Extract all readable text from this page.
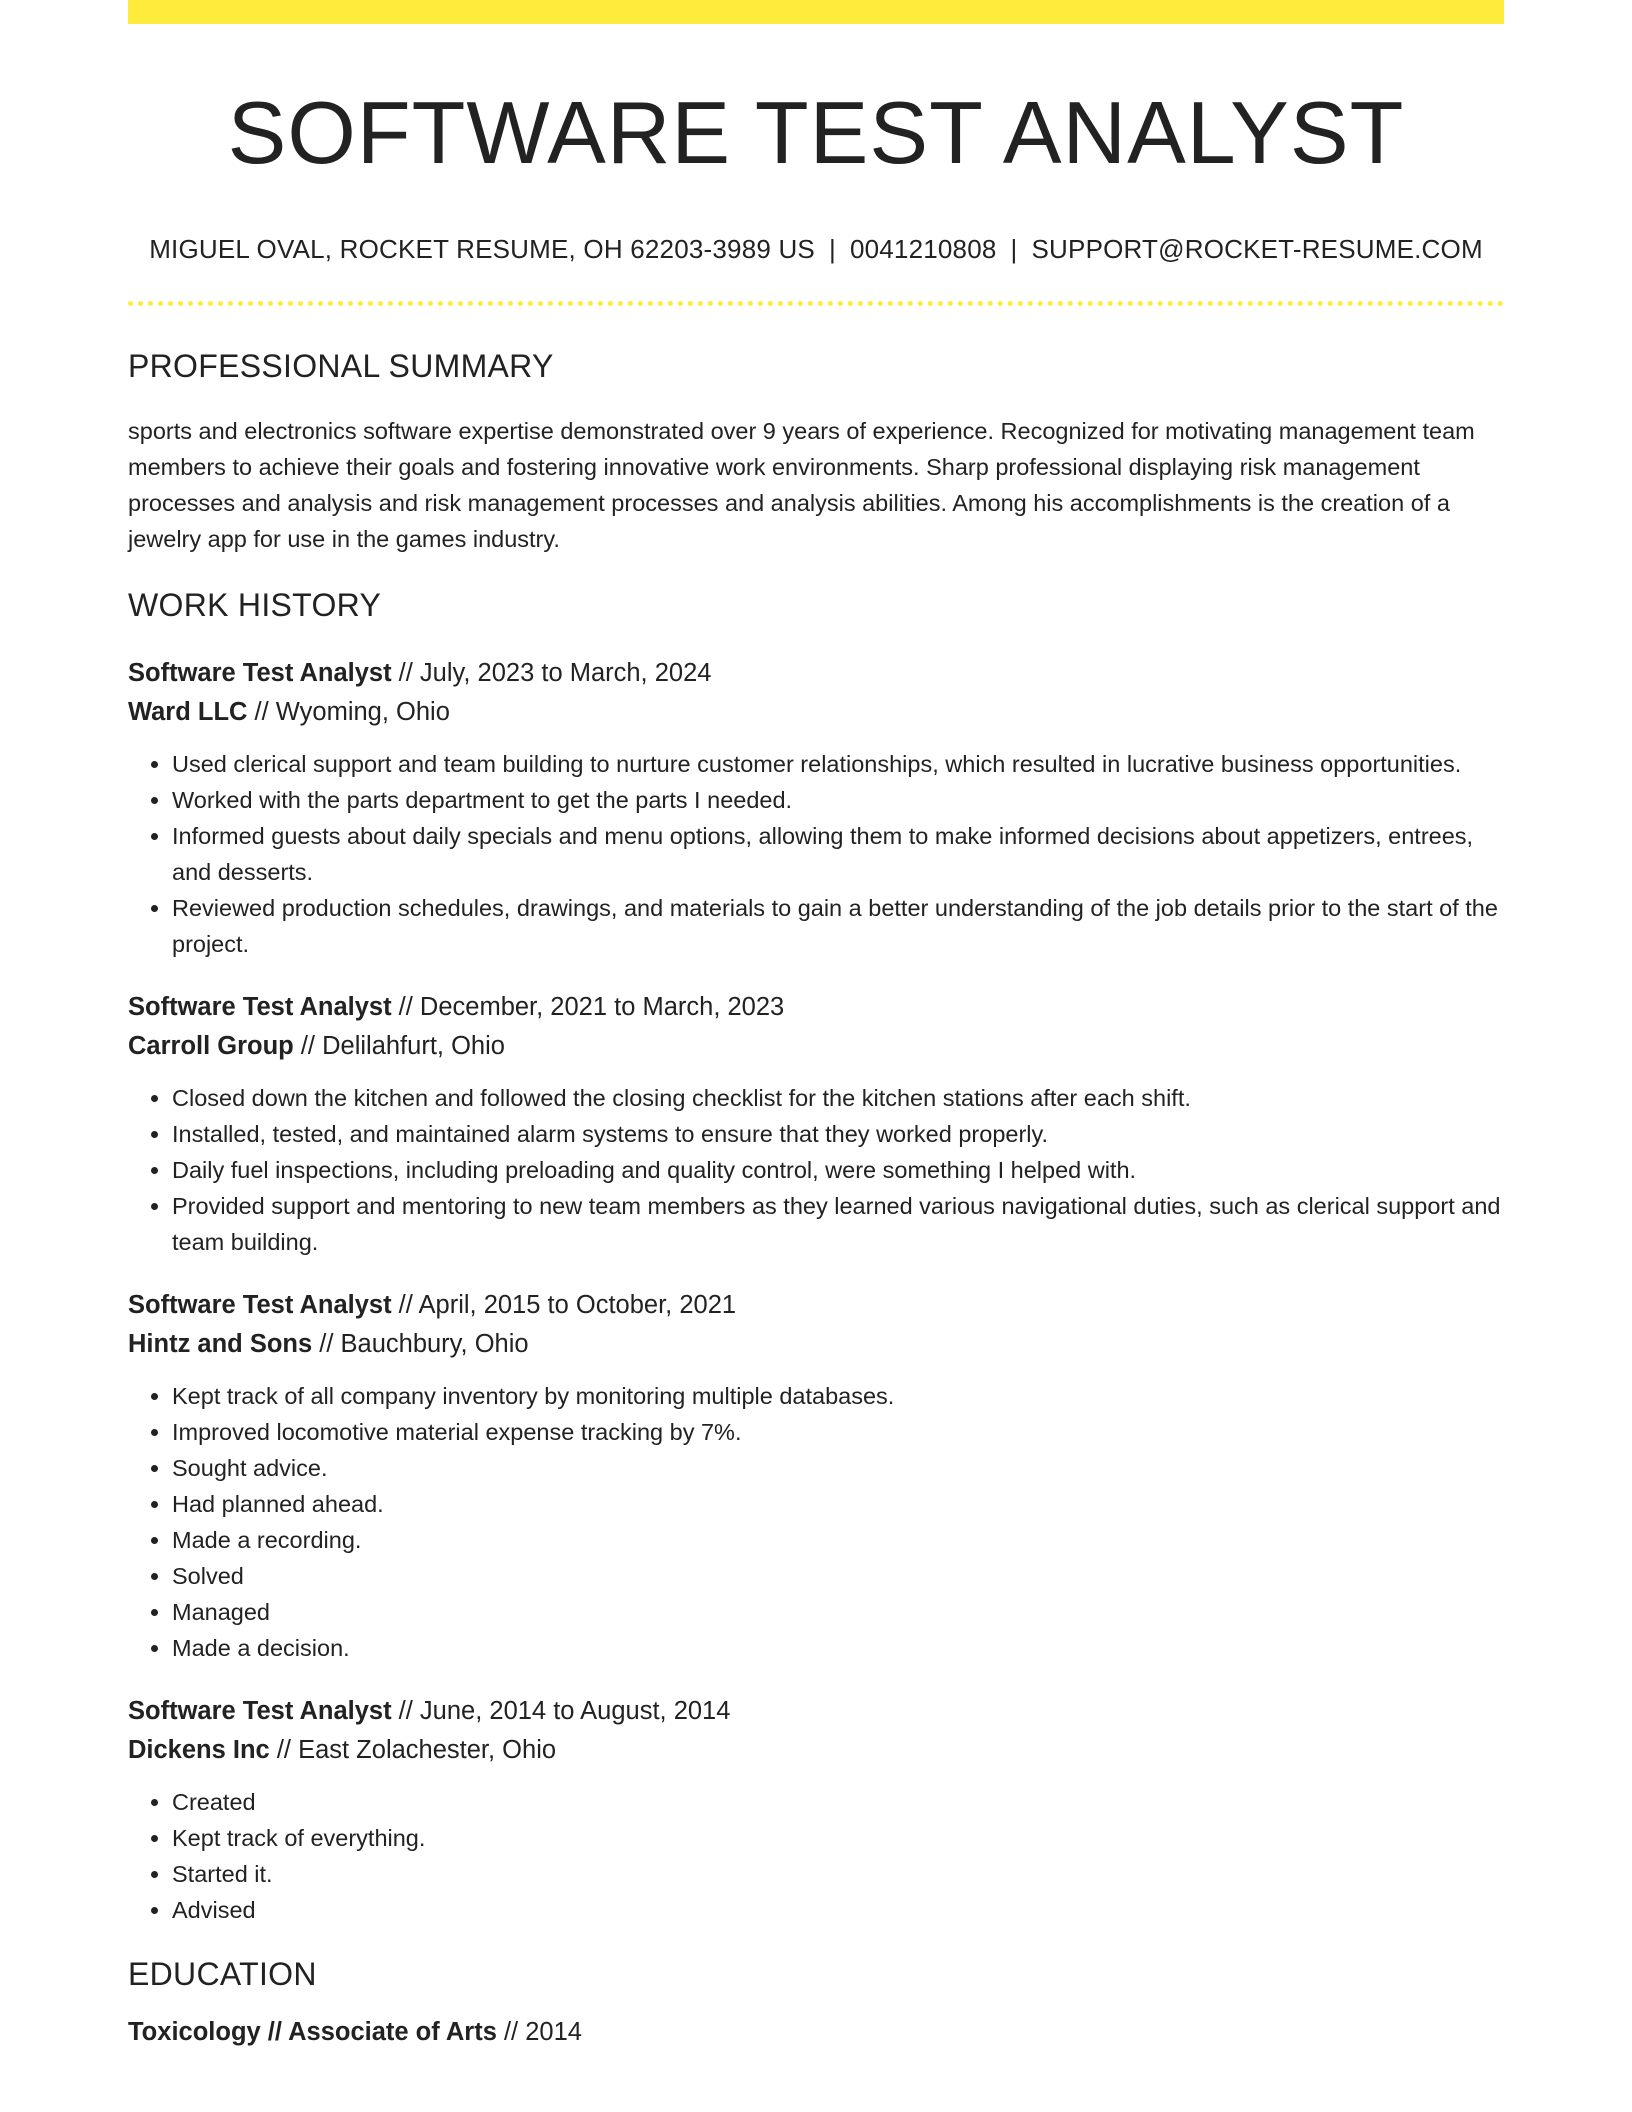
SOFTWARE TEST ANALYST
MIGUEL OVAL, ROCKET RESUME, OH 62203-3989 US | 0041210808 | SUPPORT@ROCKET-RESUME.COM
PROFESSIONAL SUMMARY
sports and electronics software expertise demonstrated over 9 years of experience. Recognized for motivating management team members to achieve their goals and fostering innovative work environments. Sharp professional displaying risk management processes and analysis and risk management processes and analysis abilities. Among his accomplishments is the creation of a jewelry app for use in the games industry.
WORK HISTORY
Software Test Analyst // July, 2023 to March, 2024
Ward LLC // Wyoming, Ohio
• Used clerical support and team building to nurture customer relationships, which resulted in lucrative business opportunities.
• Worked with the parts department to get the parts I needed.
• Informed guests about daily specials and menu options, allowing them to make informed decisions about appetizers, entrees, and desserts.
• Reviewed production schedules, drawings, and materials to gain a better understanding of the job details prior to the start of the project.
Software Test Analyst // December, 2021 to March, 2023
Carroll Group // Delilahfurt, Ohio
• Closed down the kitchen and followed the closing checklist for the kitchen stations after each shift.
• Installed, tested, and maintained alarm systems to ensure that they worked properly.
• Daily fuel inspections, including preloading and quality control, were something I helped with.
• Provided support and mentoring to new team members as they learned various navigational duties, such as clerical support and team building.
Software Test Analyst // April, 2015 to October, 2021
Hintz and Sons // Bauchbury, Ohio
• Kept track of all company inventory by monitoring multiple databases.
• Improved locomotive material expense tracking by 7%.
• Sought advice.
• Had planned ahead.
• Made a recording.
• Solved
• Managed
• Made a decision.
Software Test Analyst // June, 2014 to August, 2014
Dickens Inc // East Zolachester, Ohio
• Created
• Kept track of everything.
• Started it.
• Advised
EDUCATION
Toxicology // Associate of Arts // 2014
